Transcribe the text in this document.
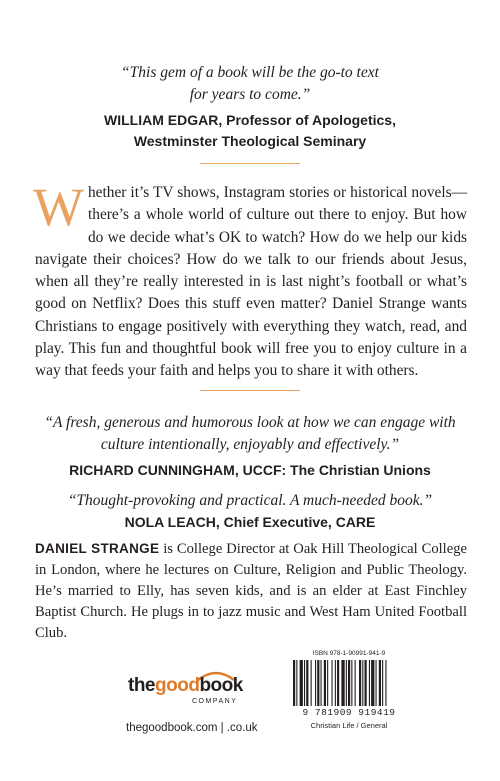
“This gem of a book will be the go-to text
for years to come.”
WILLIAM EDGAR, Professor of Apologetics,
Westminster Theological Seminary

Whether it’s TV shows, Instagram stories or historical novels—there’s a whole world of culture out there to enjoy. But how do we decide what’s OK to watch? How do we help our kids navigate their choices? How do we talk to our friends about Jesus, when all they’re really interested in is last night’s football or what’s good on Netflix? Does this stuff even matter? Daniel Strange wants Christians to engage positively with everything they watch, read, and play. This fun and thoughtful book will free you to enjoy culture in a way that feeds your faith and helps you to share it with others.

“A fresh, generous and humorous look at how we can engage with
culture intentionally, enjoyably and effectively.”
RICHARD CUNNINGHAM, UCCF: The Christian Unions
“Thought-provoking and practical. A much-needed book.”
NOLA LEACH, Chief Executive, CARE

DANIEL STRANGE is College Director at Oak Hill Theological College in London, where he lectures on Culture, Religion and Public Theology. He’s married to Elly, has seven kids, and is an elder at East Finchley Baptist Church. He plugs in to jazz music and West Ham United Football Club.

thegoodbook
COMPANY
thegoodbook.com | .co.uk
ISBN 978-1-90991-941-9
9 781909 919419
Christian Life / General
